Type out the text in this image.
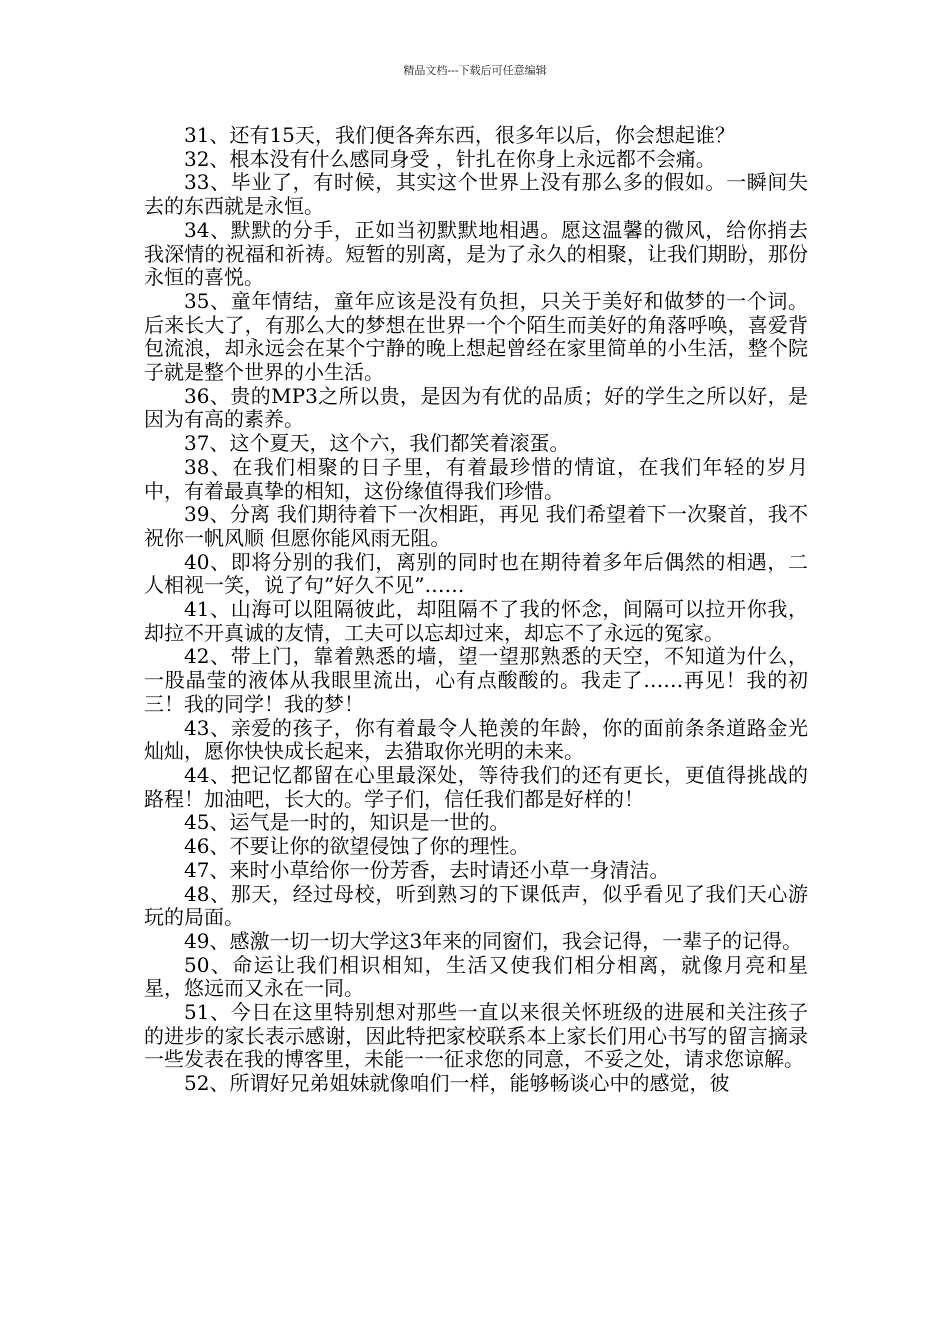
精品文档---下载后可任意编辑

31、还有15天，我们便各奔东西，很多年以后，你会想起谁？

32、根本没有什么感同身受 ，针扎在你身上永远都不会痛。

33、毕业了，有时候，其实这个世界上没有那么多的假如。一瞬间失去的东西就是永恒。

34、默默的分手，正如当初默默地相遇。愿这温馨的微风，给你捎去我深情的祝福和祈祷。短暂的别离，是为了永久的相聚，让我们期盼，那份永恒的喜悦。

35、童年情结，童年应该是没有负担，只关于美好和做梦的一个词。后来长大了，有那么大的梦想在世界一个个陌生而美好的角落呼唤，喜爱背包流浪，却永远会在某个宁静的晚上想起曾经在家里简单的小生活，整个院子就是整个世界的小生活。

36、贵的MP3之所以贵，是因为有优的品质；好的学生之所以好，是因为有高的素养。

37、这个夏天，这个六，我们都笑着滚蛋。

38、在我们相聚的日子里，有着最珍惜的情谊，在我们年轻的岁月中，有着最真挚的相知，这份缘值得我们珍惜。

39、分离 我们期待着下一次相距，再见 我们希望着下一次聚首，我不祝你一帆风顺 但愿你能风雨无阻。

40、即将分别的我们，离别的同时也在期待着多年后偶然的相遇，二人相视一笑，说了句”好久不见”……

41、山海可以阻隔彼此，却阻隔不了我的怀念，间隔可以拉开你我，却拉不开真诚的友情，工夫可以忘却过来，却忘不了永远的冤家。

42、带上门，靠着熟悉的墙，望一望那熟悉的天空，不知道为什么，一股晶莹的液体从我眼里流出，心有点酸酸的。我走了……再见！我的初三！我的同学！我的梦！

43、亲爱的孩子，你有着最令人艳羡的年龄，你的面前条条道路金光灿灿，愿你快快成长起来，去猎取你光明的未来。

44、把记忆都留在心里最深处，等待我们的还有更长，更值得挑战的路程！加油吧，长大的。学子们，信任我们都是好样的！

45、运气是一时的，知识是一世的。

46、不要让你的欲望侵蚀了你的理性。

47、来时小草给你一份芳香，去时请还小草一身清洁。

48、那天，经过母校，听到熟习的下课低声，似乎看见了我们天心游玩的局面。

49、感激一切一切大学这3年来的同窗们，我会记得，一辈子的记得。

50、命运让我们相识相知，生活又使我们相分相离，就像月亮和星星，悠远而又永在一同。

51、今日在这里特别想对那些一直以来很关怀班级的进展和关注孩子的进步的家长表示感谢，因此特把家校联系本上家长们用心书写的留言摘录一些发表在我的博客里，未能一一征求您的同意，不妥之处，请求您谅解。

52、所谓好兄弟姐妹就像咱们一样，能够畅谈心中的感觉，彼
